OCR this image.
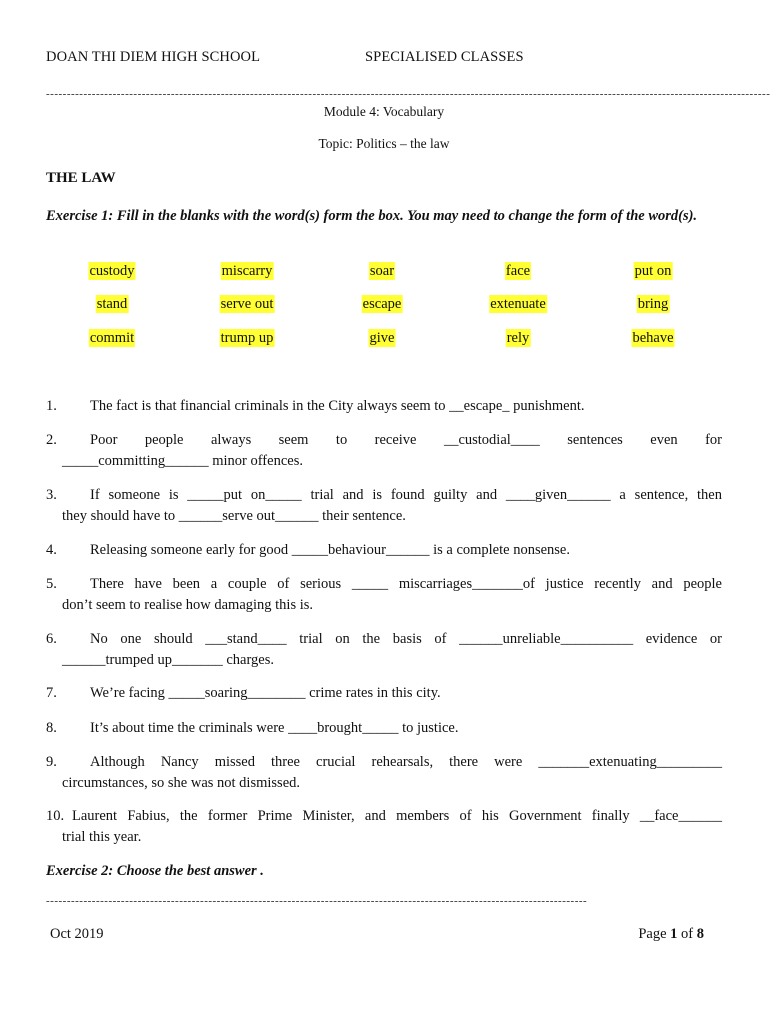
DOAN THI DIEM HIGH SCHOOL	SPECIALISED CLASSES
------------------------------------------------------------------------------------------------------------------------------------------------------------------------------
Module 4: Vocabulary
Topic: Politics – the law
THE LAW
Exercise 1: Fill in the blanks with the word(s) form the box. You may need to change the form of the word(s).
custody	miscarry	soar	face	put on
stand	serve out	escape	extenuate	bring
commit	trump up	give	rely	behave
1. The fact is that financial criminals in the City always seem to __escape_ punishment.
2. Poor people always seem to receive __custodial____ sentences even for
_____committing______ minor offences.
3. If someone is _____put on_____ trial and is found guilty and ____given______ a sentence, then
they should have to ______serve out______ their sentence.
4. Releasing someone early for good _____behaviour______ is a complete nonsense.
5. There have been a couple of serious _____ miscarriages_______of justice recently and people
don’t seem to realise how damaging this is.
6. No one should ___stand____ trial on the basis of ______unreliable__________ evidence or
______trumped up_______ charges.
7. We’re facing _____soaring________ crime rates in this city.
8. It’s about time the criminals were ____brought_____ to justice.
9. Although Nancy missed three crucial rehearsals, there were _______extenuating_________
circumstances, so she was not dismissed.
10. Laurent Fabius, the former Prime Minister, and members of his Government finally __face______
trial this year.
Exercise 2: Choose the best answer .
----------------------------------------------------------------------------------------------------------------------------------
Oct 2019	Page 1 of 8
